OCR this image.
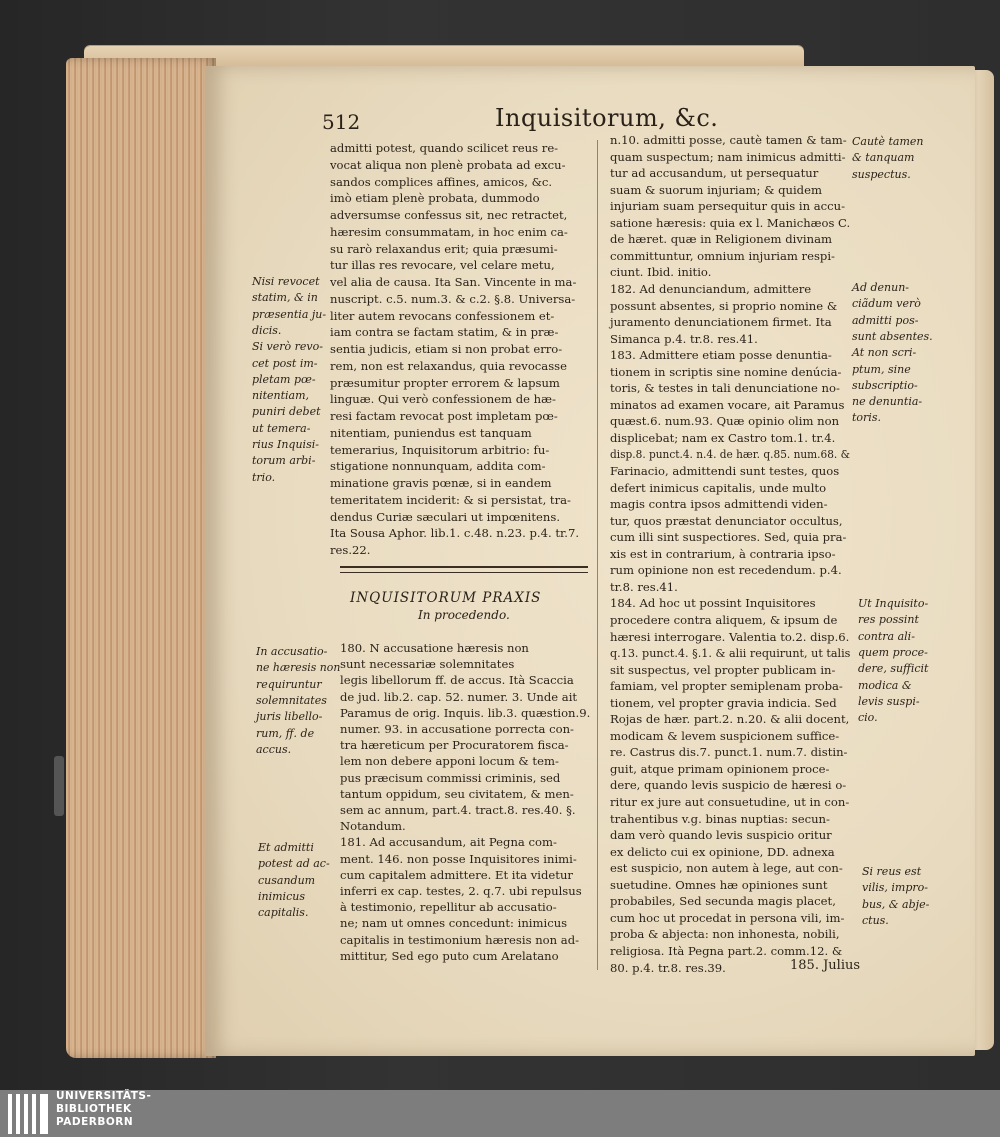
512	Inquisitorum, &c.
INQUISITORUM PRAXIS
In procedendo.
185. Julius
UNIVERSITÄTS-
BIBLIOTHEK
PADERBORN
admitti potest, quando scilicet reus re-
vocat aliqua non plenè probata ad excu-
sandos complices affines, amicos, &c.
imò etiam plenè probata, dummodo
adversumse confessus sit, nec retractet,
hæresim consummatam, in hoc enim ca-
su rarò relaxandus erit; quia præsumi-
tur illas res revocare, vel celare metu,
vel alia de causa. Ita San. Vincente in ma-
nuscript. c.5. num.3. & c.2. §.8. Universa-
liter autem revocans confessionem et-
iam contra se factam statim, & in præ-
sentia judicis, etiam si non probat erro-
rem, non est relaxandus, quia revocasse
præsumitur propter errorem & lapsum
linguæ. Qui verò confessionem de hæ-
resi factam revocat post impletam pœ-
nitentiam, puniendus est tanquam
temerarius, Inquisitorum arbitrio: fu-
stigatione nonnunquam, addita com-
minatione gravis pœnæ, si in eandem
temeritatem inciderit: & si persistat, tra-
dendus Curiæ sæculari ut impœnitens.
Ita Sousa Aphor. lib.1. c.48. n.23. p.4. tr.7.
res.22.
180. N accusatione hæresis non
sunt necessariæ solemnitates
legis libellorum ff. de accus. Ità Scaccia
de jud. lib.2. cap. 52. numer. 3. Unde ait
Paramus de orig. Inquis. lib.3. quæstion.9.
numer. 93. in accusatione porrecta con-
tra hæreticum per Procuratorem fisca-
lem non debere apponi locum & tem-
pus præcisum commissi criminis, sed
tantum oppidum, seu civitatem, & men-
sem ac annum, part.4. tract.8. res.40. §.
Notandum.
181. Ad accusandum, ait Pegna com-
ment. 146. non posse Inquisitores inimi-
cum capitalem admittere. Et ita videtur
inferri ex cap. testes, 2. q.7. ubi repulsus
à testimonio, repellitur ab accusatio-
ne; nam ut omnes concedunt: inimicus
capitalis in testimonium hæresis non ad-
mittitur, Sed ego puto cum Arelatano
n.10. admitti posse, cautè tamen & tam-
quam suspectum; nam inimicus admitti-
tur ad accusandum, ut persequatur
suam & suorum injuriam; & quidem
injuriam suam persequitur quis in accu-
satione hæresis: quia ex l. Manichæos C.
de hæret. quæ in Religionem divinam
committuntur, omnium injuriam respi-
ciunt. Ibid. initio.
182. Ad denunciandum, admittere
possunt absentes, si proprio nomine &
juramento denunciationem firmet. Ita
Simanca p.4. tr.8. res.41.
183. Admittere etiam posse denuntia-
tionem in scriptis sine nomine denúcia-
toris, & testes in tali denunciatione no-
minatos ad examen vocare, ait Paramus
quæst.6. num.93. Quæ opinio olim non
displicebat; nam ex Castro tom.1. tr.4.
disp.8. punct.4. n.4. de hær. q.85. num.68. &
Farinacio, admittendi sunt testes, quos
defert inimicus capitalis, unde multo
magis contra ipsos admittendi viden-
tur, quos præstat denunciator occultus,
cum illi sint suspectiores. Sed, quia pra-
xis est in contrarium, à contraria ipso-
rum opinione non est recedendum. p.4.
tr.8. res.41.
184. Ad hoc ut possint Inquisitores
procedere contra aliquem, & ipsum de
hæresi interrogare. Valentia to.2. disp.6.
q.13. punct.4. §.1. & alii requirunt, ut talis
sit suspectus, vel propter publicam in-
famiam, vel propter semiplenam proba-
tionem, vel propter gravia indicia. Sed
Rojas de hær. part.2. n.20. & alii docent,
modicam & levem suspicionem suffice-
re. Castrus dis.7. punct.1. num.7. distin-
guit, atque primam opinionem proce-
dere, quando levis suspicio de hæresi o-
ritur ex jure aut consuetudine, ut in con-
trahentibus v.g. binas nuptias: secun-
dam verò quando levis suspicio oritur
ex delicto cui ex opinione, DD. adnexa
est suspicio, non autem à lege, aut con-
suetudine. Omnes hæ opiniones sunt
probabiles, Sed secunda magis placet,
cum hoc ut procedat in persona vili, im-
proba & abjecta: non inhonesta, nobili,
religiosa. Ità Pegna part.2. comm.12. &
80. p.4. tr.8. res.39.
Nisi revocet
statim, & in
præsentia ju-
dicis.
Si verò revo-
cet post im-
pletam pœ-
nitentiam,
puniri debet
ut temera-
rius Inquisi-
torum arbi-
trio.
In accusatio-
ne hæresis non
requiruntur
solemnitates
juris libello-
rum, ff. de
accus.
Et admitti
potest ad ac-
cusandum
inimicus
capitalis.
Cautè tamen
& tanquam
suspectus.
Ad denun-
ciãdum verò
admitti pos-
sunt absentes.
At non scri-
ptum, sine
subscriptio-
ne denuntia-
toris.
Ut Inquisito-
res possint
contra ali-
quem proce-
dere, sufficit
modica &
levis suspi-
cio.
Si reus est
vilis, impro-
bus, & abje-
ctus.
